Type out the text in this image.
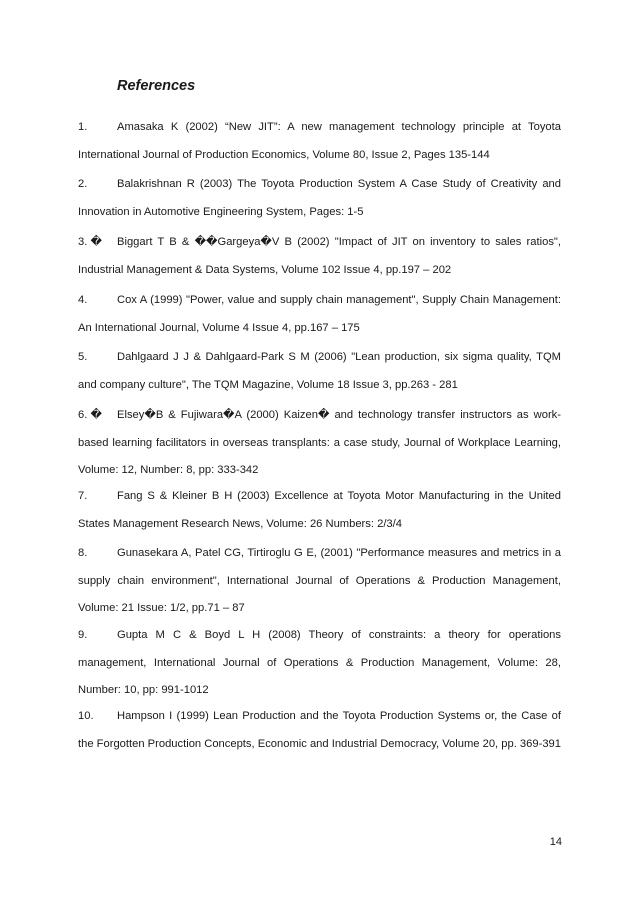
References
1.	Amasaka K (2002) “New JIT”: A new management technology principle at Toyota International Journal of Production Economics, Volume 80, Issue 2, Pages 135-144
2.	Balakrishnan R (2003) The Toyota Production System A Case Study of Creativity and Innovation in Automotive Engineering System, Pages: 1-5
3. � Biggart T B & ��Gargeya�V B (2002) "Impact of JIT on inventory to sales ratios", Industrial Management & Data Systems, Volume 102 Issue 4, pp.197 – 202
4.	Cox A (1999) "Power, value and supply chain management", Supply Chain Management: An International Journal, Volume 4 Issue 4, pp.167 – 175
5.	Dahlgaard J J & Dahlgaard-Park S M (2006) "Lean production, six sigma quality, TQM and company culture", The TQM Magazine, Volume 18 Issue 3, pp.263 - 281
6. � Elsey�B & Fujiwara�A (2000) Kaizen� and technology transfer instructors as work-based learning facilitators in overseas transplants: a case study, Journal of Workplace Learning, Volume: 12, Number: 8, pp: 333-342
7.	Fang S & Kleiner B H (2003) Excellence at Toyota Motor Manufacturing in the United States Management Research News, Volume: 26 Numbers: 2/3/4
8.	Gunasekara A, Patel CG, Tirtiroglu G E, (2001) "Performance measures and metrics in a supply chain environment", International Journal of Operations & Production Management, Volume: 21 Issue: 1/2, pp.71 – 87
9.	Gupta M C & Boyd L H (2008) Theory of constraints: a theory for operations management, International Journal of Operations & Production Management, Volume: 28, Number: 10, pp: 991-1012
10. Hampson I (1999) Lean Production and the Toyota Production Systems or, the Case of the Forgotten Production Concepts, Economic and Industrial Democracy, Volume 20, pp. 369-391
14
